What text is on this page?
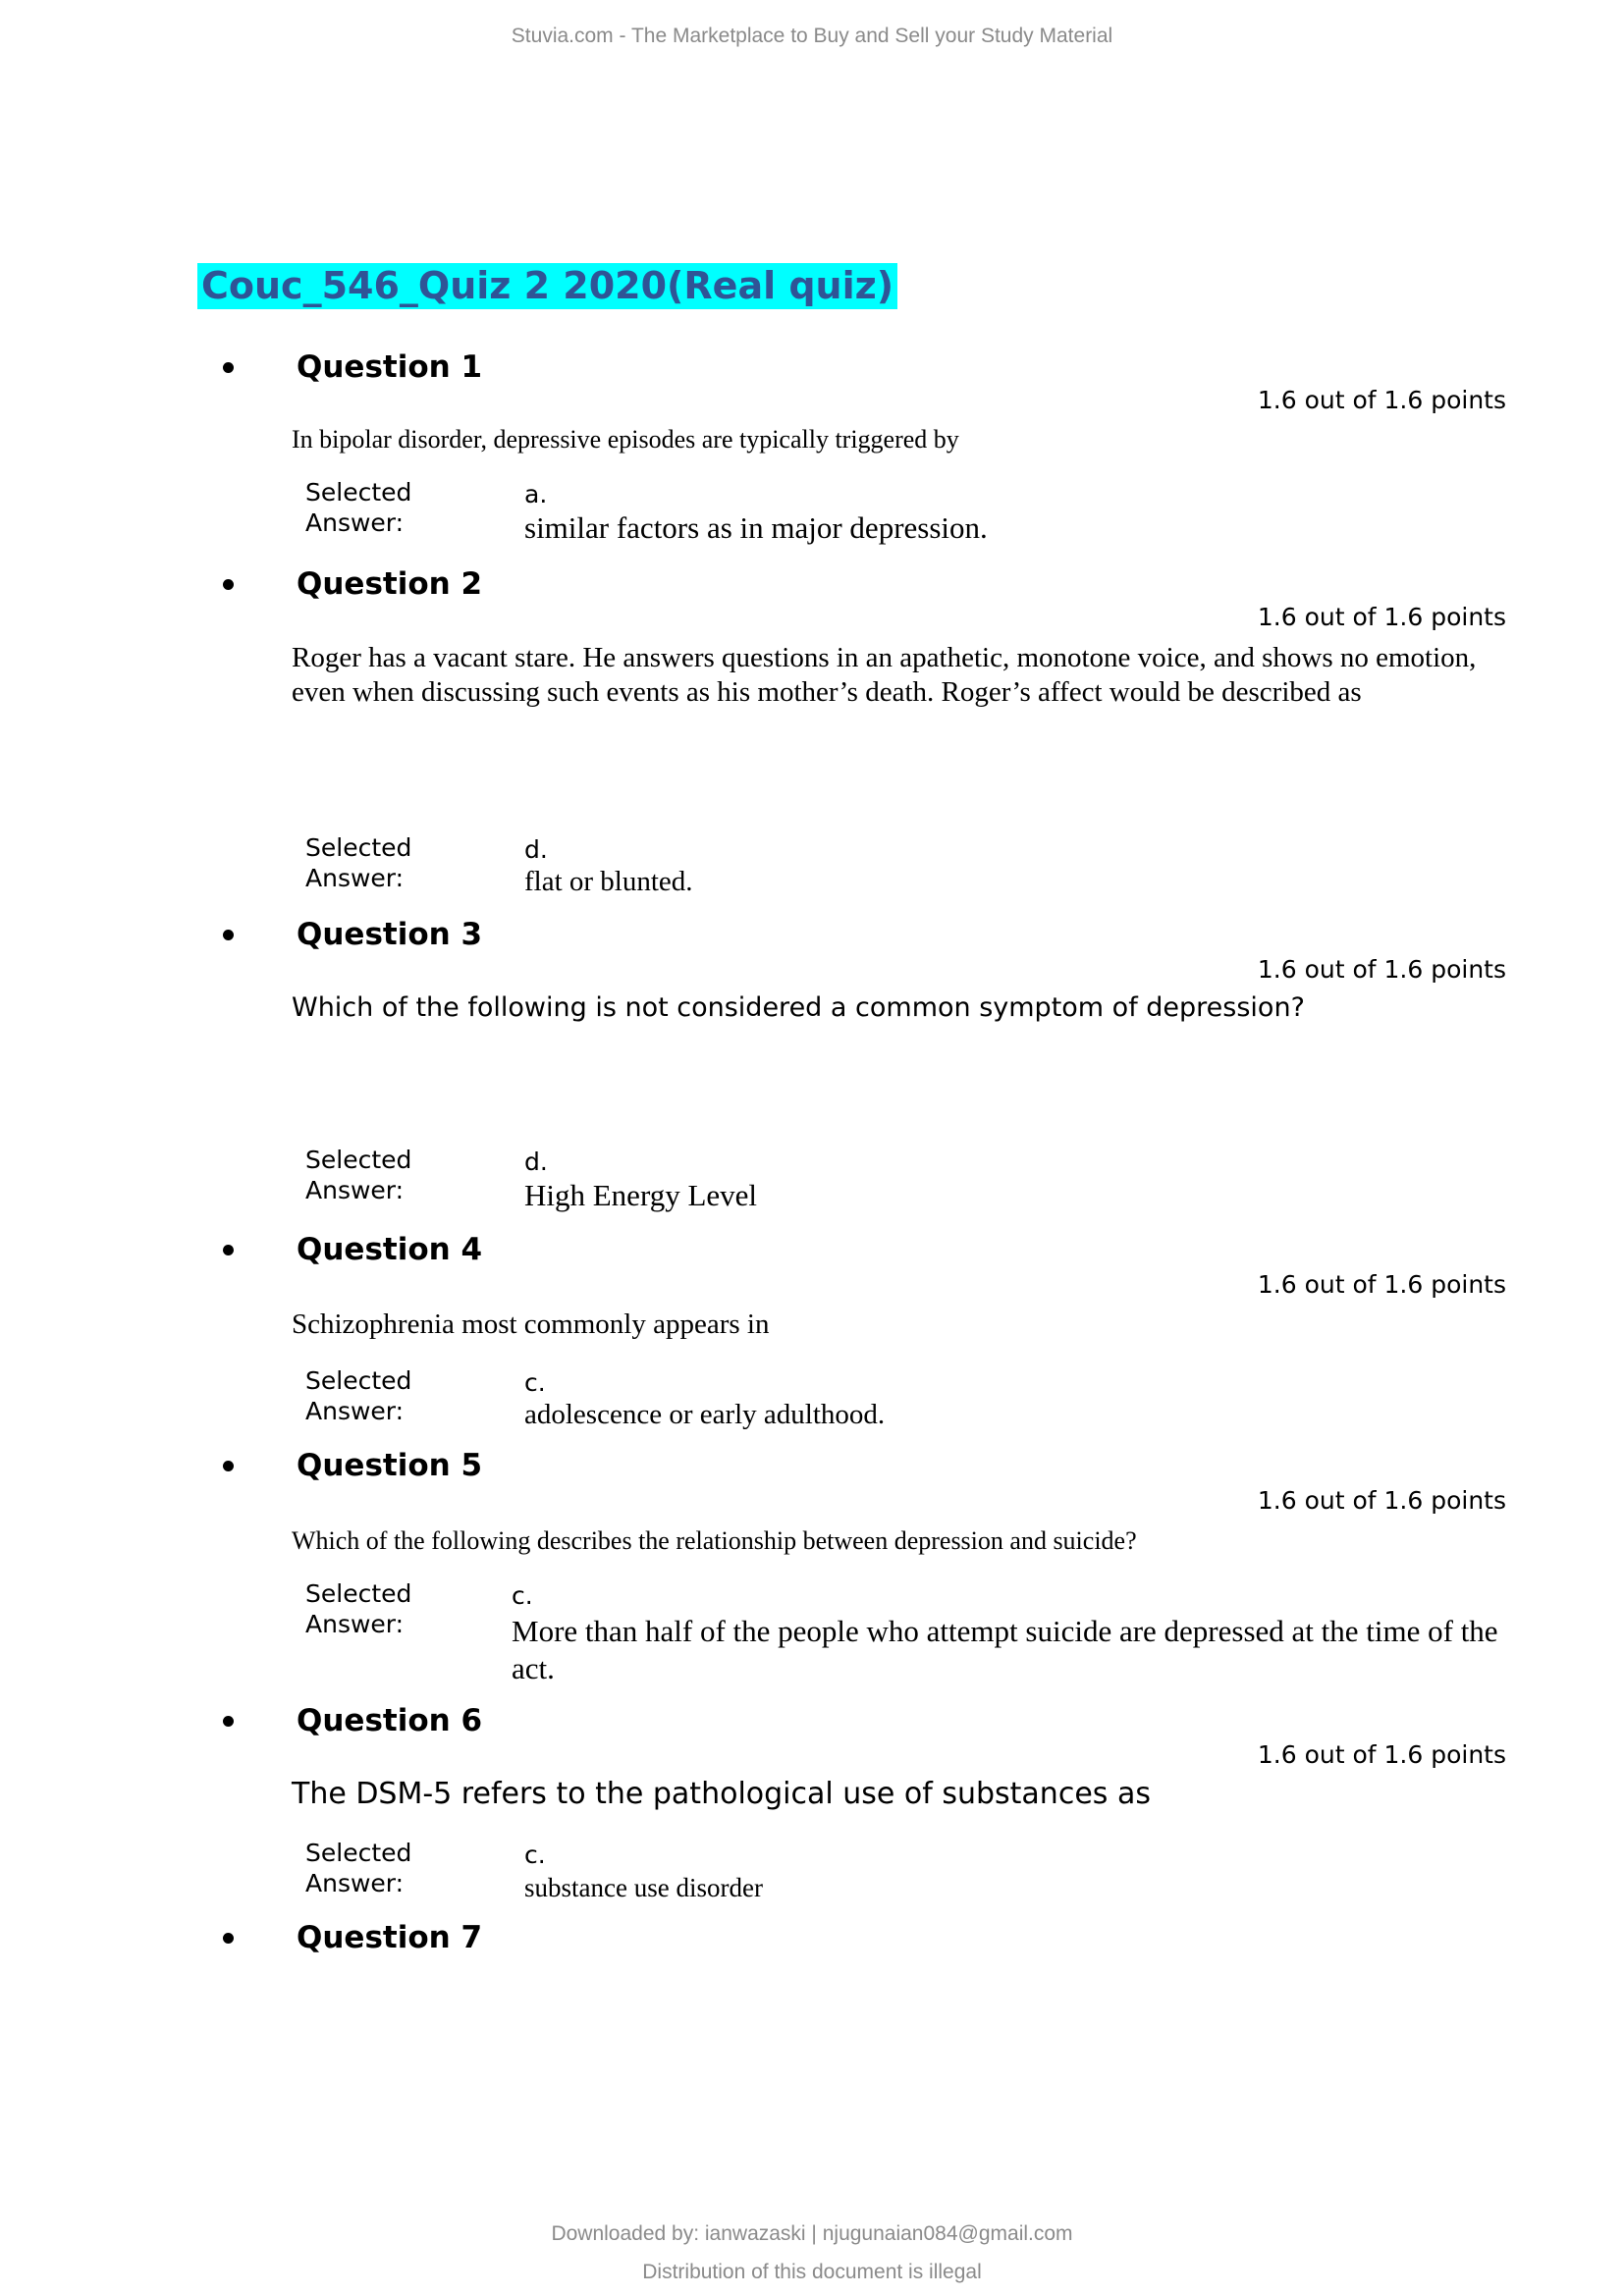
Stuvia.com - The Marketplace to Buy and Sell your Study Material
Couc_546_Quiz 2 2020(Real quiz)
Question 1
1.6 out of 1.6 points
In bipolar disorder, depressive episodes are typically triggered by
Selected
Answer:
a.
similar factors as in major depression.
Question 2
1.6 out of 1.6 points
Roger has a vacant stare. He answers questions in an apathetic, monotone voice, and shows no emotion, even when discussing such events as his mother’s death. Roger’s affect would be described as
Selected
Answer:
d.
flat or blunted.
Question 3
1.6 out of 1.6 points
Which of the following is not considered a common symptom of depression?
Selected
Answer:
d.
High Energy Level
Question 4
1.6 out of 1.6 points
Schizophrenia most commonly appears in
Selected
Answer:
c.
adolescence or early adulthood.
Question 5
1.6 out of 1.6 points
Which of the following describes the relationship between depression and suicide?
Selected
Answer:
c.
More than half of the people who attempt suicide are depressed at the time of the act.
Question 6
1.6 out of 1.6 points
The DSM-5 refers to the pathological use of substances as
Selected
Answer:
c.
substance use disorder
Question 7
Downloaded by: ianwazaski | njugunaian084@gmail.com
Distribution of this document is illegal
